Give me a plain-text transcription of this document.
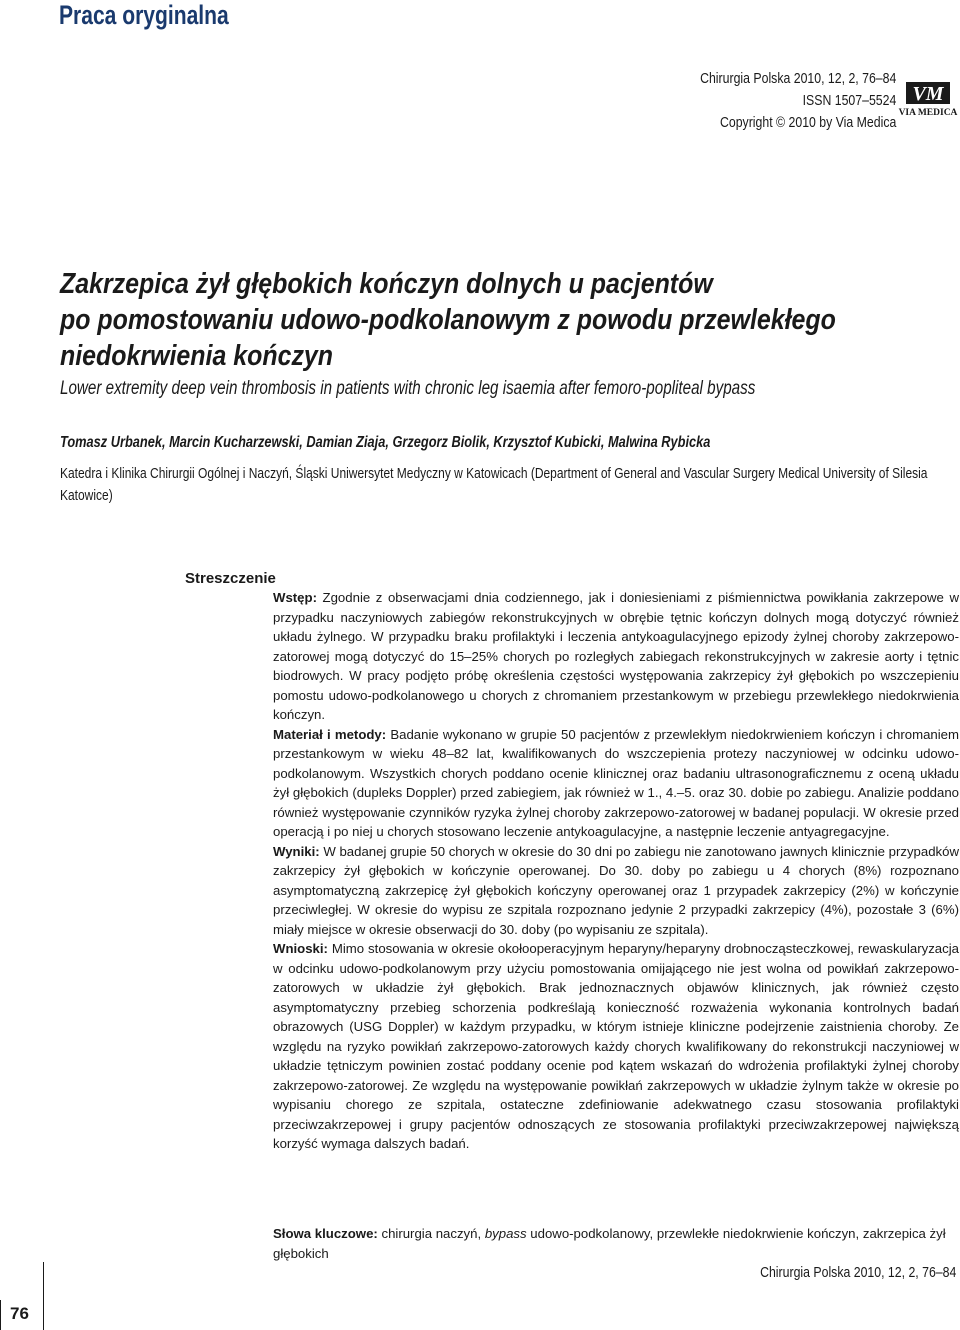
Praca oryginalna
Chirurgia Polska 2010, 12, 2, 76–84
ISSN 1507–5524
Copyright © 2010 by Via Medica
VM
VIA MEDICA
Zakrzepica żył głębokich kończyn dolnych u pacjentów
po pomostowaniu udowo-podkolanowym z powodu przewlekłego
niedokrwienia kończyn
Lower extremity deep vein thrombosis in patients with chronic leg isaemia after femoro-popliteal bypass
Tomasz Urbanek, Marcin Kucharzewski, Damian Ziaja, Grzegorz Biolik, Krzysztof Kubicki, Malwina Rybicka
Katedra i Klinika Chirurgii Ogólnej i Naczyń, Śląski Uniwersytet Medyczny w Katowicach (Department of General and Vascular Surgery Medical University of Silesia Katowice)
Streszczenie

Wstęp: Zgodnie z obserwacjami dnia codziennego, jak i doniesieniami z piśmiennictwa powikłania zakrzepowe w przypadku naczyniowych zabiegów rekonstrukcyjnych w obrębie tętnic kończyn dolnych mogą dotyczyć również układu żylnego. W przypadku braku profilaktyki i leczenia antykoagulacyjnego epizody żylnej choroby zakrzepowo-zatorowej mogą dotyczyć do 15–25% chorych po rozległych zabiegach rekonstrukcyjnych w zakresie aorty i tętnic biodrowych. W pracy podjęto próbę określenia częstości występowania zakrzepicy żył głębokich po wszczepieniu pomostu udowo-podkolanowego u chorych z chromaniem przestankowym w przebiegu przewlekłego niedokrwienia kończyn.

Materiał i metody: Badanie wykonano w grupie 50 pacjentów z przewlekłym niedokrwieniem kończyn i chromaniem przestankowym w wieku 48–82 lat, kwalifikowanych do wszczepienia protezy naczyniowej w odcinku udowo-podkolanowym. Wszystkich chorych poddano ocenie klinicznej oraz badaniu ultrasonograficznemu z oceną układu żył głębokich (dupleks Doppler) przed zabiegiem, jak również w 1., 4.–5. oraz 30. dobie po zabiegu. Analizie poddano również występowanie czynników ryzyka żylnej choroby zakrzepowo-zatorowej w badanej populacji. W okresie przed operacją i po niej u chorych stosowano leczenie antykoagulacyjne, a następnie leczenie antyagregacyjne.

Wyniki: W badanej grupie 50 chorych w okresie do 30 dni po zabiegu nie zanotowano jawnych klinicznie przypadków zakrzepicy żył głębokich w kończynie operowanej. Do 30. doby po zabiegu u 4 chorych (8%) rozpoznano asymptomatyczną zakrzepicę żył głębokich kończyny operowanej oraz 1 przypadek zakrzepicy (2%) w kończynie przeciwległej. W okresie do wypisu ze szpitala rozpoznano jedynie 2 przypadki zakrzepicy (4%), pozostałe 3 (6%) miały miejsce w okresie obserwacji do 30. doby (po wypisaniu ze szpitala).

Wnioski: Mimo stosowania w okresie okołooperacyjnym heparyny/heparyny drobnocząsteczkowej, rewaskularyzacja w odcinku udowo-podkolanowym przy użyciu pomostowania omijającego nie jest wolna od powikłań zakrzepowo-zatorowych w układzie żył głębokich. Brak jednoznacznych objawów klinicznych, jak również często asymptomatyczny przebieg schorzenia podkreślają konieczność rozważenia wykonania kontrolnych badań obrazowych (USG Doppler) w każdym przypadku, w którym istnieje kliniczne podejrzenie zaistnienia choroby. Ze względu na ryzyko powikłań zakrzepowo-zatorowych każdy chorych kwalifikowany do rekonstrukcji naczyniowej w układzie tętniczym powinien zostać poddany ocenie pod kątem wskazań do wdrożenia profilaktyki żylnej choroby zakrzepowo-zatorowej. Ze względu na występowanie powikłań zakrzepowych w układzie żylnym także w okresie po wypisaniu chorego ze szpitala, ostateczne zdefiniowanie adekwatnego czasu stosowania profilaktyki przeciwzakrzepowej i grupy pacjentów odnoszących ze stosowania profilaktyki przeciwzakrzepowej największą korzyść wymaga dalszych badań.

Słowa kluczowe: chirurgia naczyń, bypass udowo-podkolanowy, przewlekłe niedokrwienie kończyn, zakrzepica żył głębokich
Chirurgia Polska 2010, 12, 2, 76–84
76
